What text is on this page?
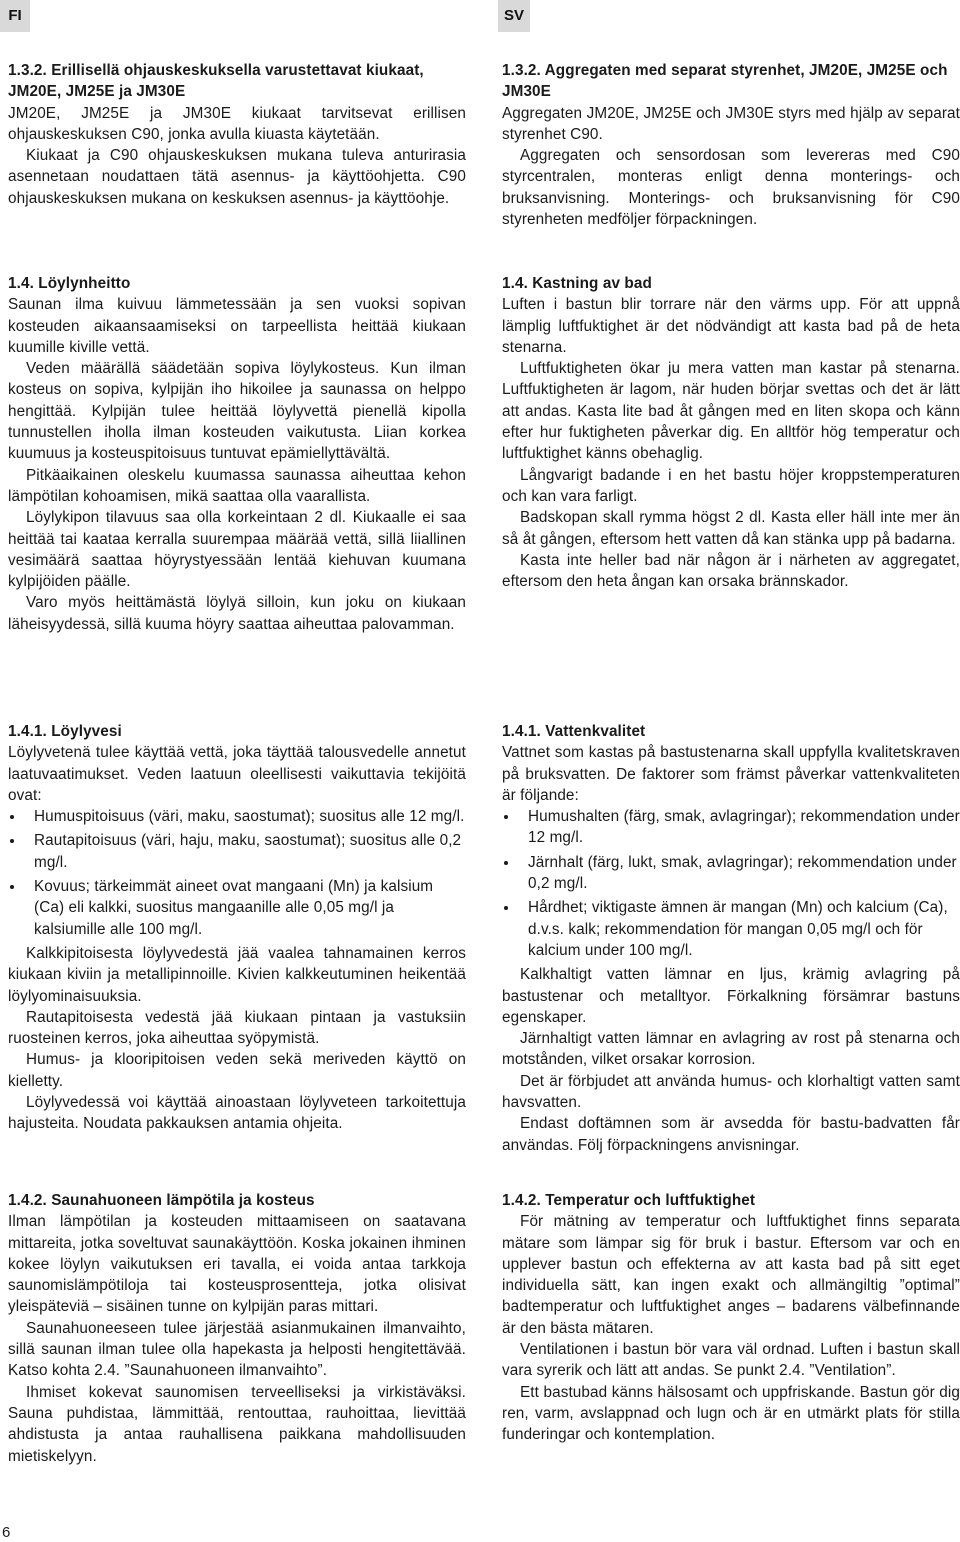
FI	SV

1.3.2. Erillisellä ohjauskeskuksella varustettavat kiukaat, JM20E, JM25E ja JM30E

JM20E, JM25E ja JM30E kiukaat tarvitsevat erillisen ohjauskeskuksen C90, jonka avulla kiuasta käytetään.

Kiukaat ja C90 ohjauskeskuksen mukana tuleva anturirasia asennetaan noudattaen tätä asennus- ja käyttöohjetta. C90 ohjauskeskuksen mukana on keskuksen asennus- ja käyttöohje.

1.4. Löylynheitto

Saunan ilma kuivuu lämmetessään ja sen vuoksi sopivan kosteuden aikaansaamiseksi on tarpeellista heittää kiukaan kuumille kiville vettä.

Veden määrällä säädetään sopiva löylykosteus. Kun ilman kosteus on sopiva, kylpijän iho hikoilee ja saunassa on helppo hengittää. Kylpijän tulee heittää löylyvettä pienellä kipolla tunnustellen iholla ilman kosteuden vaikutusta. Liian korkea kuumuus ja kosteuspitoisuus tuntuvat epämiellyttävältä.

Pitkäaikainen oleskelu kuumassa saunassa aiheuttaa kehon lämpötilan kohoamisen, mikä saattaa olla vaarallista.

Löylykipon tilavuus saa olla korkeintaan 2 dl. Kiukaalle ei saa heittää tai kaataa kerralla suurempaa määrää vettä, sillä liiallinen vesimäärä saattaa höyrystyessään lentää kiehuvan kuumana kylpijöiden päälle.

Varo myös heittämästä löylyä silloin, kun joku on kiukaan läheisyydessä, sillä kuuma höyry saattaa aiheuttaa palovamman.

1.4.1. Löylyvesi

Löylyvetenä tulee käyttää vettä, joka täyttää talousvedelle annetut laatuvaatimukset. Veden laatuun oleellisesti vaikuttavia tekijöitä ovat:

Humuspitoisuus (väri, maku, saostumat); suositus alle 12 mg/l.
Rautapitoisuus (väri, haju, maku, saostumat); suositus alle 0,2 mg/l.
Kovuus; tärkeimmät aineet ovat mangaani (Mn) ja kalsium (Ca) eli kalkki, suositus mangaanille alle 0,05 mg/l ja kalsiumille alle 100 mg/l.

Kalkkipitoisesta löylyvedestä jää vaalea tahnamainen kerros kiukaan kiviin ja metallipinnoille. Kivien kalkkeutuminen heikentää löylyominaisuuksia.

Rautapitoisesta vedestä jää kiukaan pintaan ja vastuksiin ruosteinen kerros, joka aiheuttaa syöpymistä.

Humus- ja klooripitoisen veden sekä meriveden käyttö on kielletty.

Löylyvedessä voi käyttää ainoastaan löylyveteen tarkoitettuja hajusteita. Noudata pakkauksen antamia ohjeita.

1.4.2. Saunahuoneen lämpötila ja kosteus

Ilman lämpötilan ja kosteuden mittaamiseen on saatavana mittareita, jotka soveltuvat saunakäyttöön. Koska jokainen ihminen kokee löylyn vaikutuksen eri tavalla, ei voida antaa tarkkoja saunomislämpötiloja tai kosteusprosentteja, jotka olisivat yleispäteviä – sisäinen tunne on kylpijän paras mittari.

Saunahuoneeseen tulee järjestää asianmukainen ilmanvaihto, sillä saunan ilman tulee olla hapekasta ja helposti hengitettävää. Katso kohta 2.4. ”Saunahuoneen ilmanvaihto”.

Ihmiset kokevat saunomisen terveelliseksi ja virkistäväksi. Sauna puhdistaa, lämmittää, rentouttaa, rauhoittaa, lievittää ahdistusta ja antaa rauhallisena paikkana mahdollisuuden mietiskelyyn.

1.3.2. Aggregaten med separat styrenhet, JM20E, JM25E och JM30E

Aggregaten JM20E, JM25E och JM30E styrs med hjälp av separat styrenhet C90.

Aggregaten och sensordosan som levereras med C90 styrcentralen, monteras enligt denna monterings- och bruksanvisning. Monterings- och bruksanvisning för C90 styrenheten medföljer förpackningen.

1.4. Kastning av bad

Luften i bastun blir torrare när den värms upp. För att uppnå lämplig luftfuktighet är det nödvändigt att kasta bad på de heta stenarna.

Luftfuktigheten ökar ju mera vatten man kastar på stenarna. Luftfuktigheten är lagom, när huden börjar svettas och det är lätt att andas. Kasta lite bad åt gången med en liten skopa och känn efter hur fuktigheten påverkar dig. En alltför hög temperatur och luftfuktighet känns obehaglig.

Långvarigt badande i en het bastu höjer kroppstemperaturen och kan vara farligt.

Badskopan skall rymma högst 2 dl. Kasta eller häll inte mer än så åt gången, eftersom hett vatten då kan stänka upp på badarna.

Kasta inte heller bad när någon är i närheten av aggregatet, eftersom den heta ångan kan orsaka brännskador.

1.4.1. Vattenkvalitet

Vattnet som kastas på bastustenarna skall uppfylla kvalitetskraven på bruksvatten. De faktorer som främst påverkar vattenkvaliteten är följande:

Humushalten (färg, smak, avlagringar); rekommendation under 12 mg/l.
Järnhalt (färg, lukt, smak, avlagringar); rekommendation under 0,2 mg/l.
Hårdhet; viktigaste ämnen är mangan (Mn) och kalcium (Ca), d.v.s. kalk; rekommendation för mangan 0,05 mg/l och för kalcium under 100 mg/l.

Kalkhaltigt vatten lämnar en ljus, krämig avlagring på bastustenar och metalltyor. Förkalkning försämrar bastuns egenskaper.

Järnhaltigt vatten lämnar en avlagring av rost på stenarna och motstånden, vilket orsakar korrosion.

Det är förbjudet att använda humus- och klorhaltigt vatten samt havsvatten.

Endast doftämnen som är avsedda för bastu-badvatten får användas. Följ förpackningens anvisningar.

1.4.2. Temperatur och luftfuktighet

För mätning av temperatur och luftfuktighet finns separata mätare som lämpar sig för bruk i bastur. Eftersom var och en upplever bastun och effekterna av att kasta bad på sitt eget individuella sätt, kan ingen exakt och allmängiltig ”optimal” badtemperatur och luftfuktighet anges – badarens välbefinnande är den bästa mätaren.

Ventilationen i bastun bör vara väl ordnad. Luften i bastun skall vara syrerik och lätt att andas. Se punkt 2.4. ”Ventilation”.

Ett bastubad känns hälsosamt och uppfriskande. Bastun gör dig ren, varm, avslappnad och lugn och är en utmärkt plats för stilla funderingar och kontemplation.

6
